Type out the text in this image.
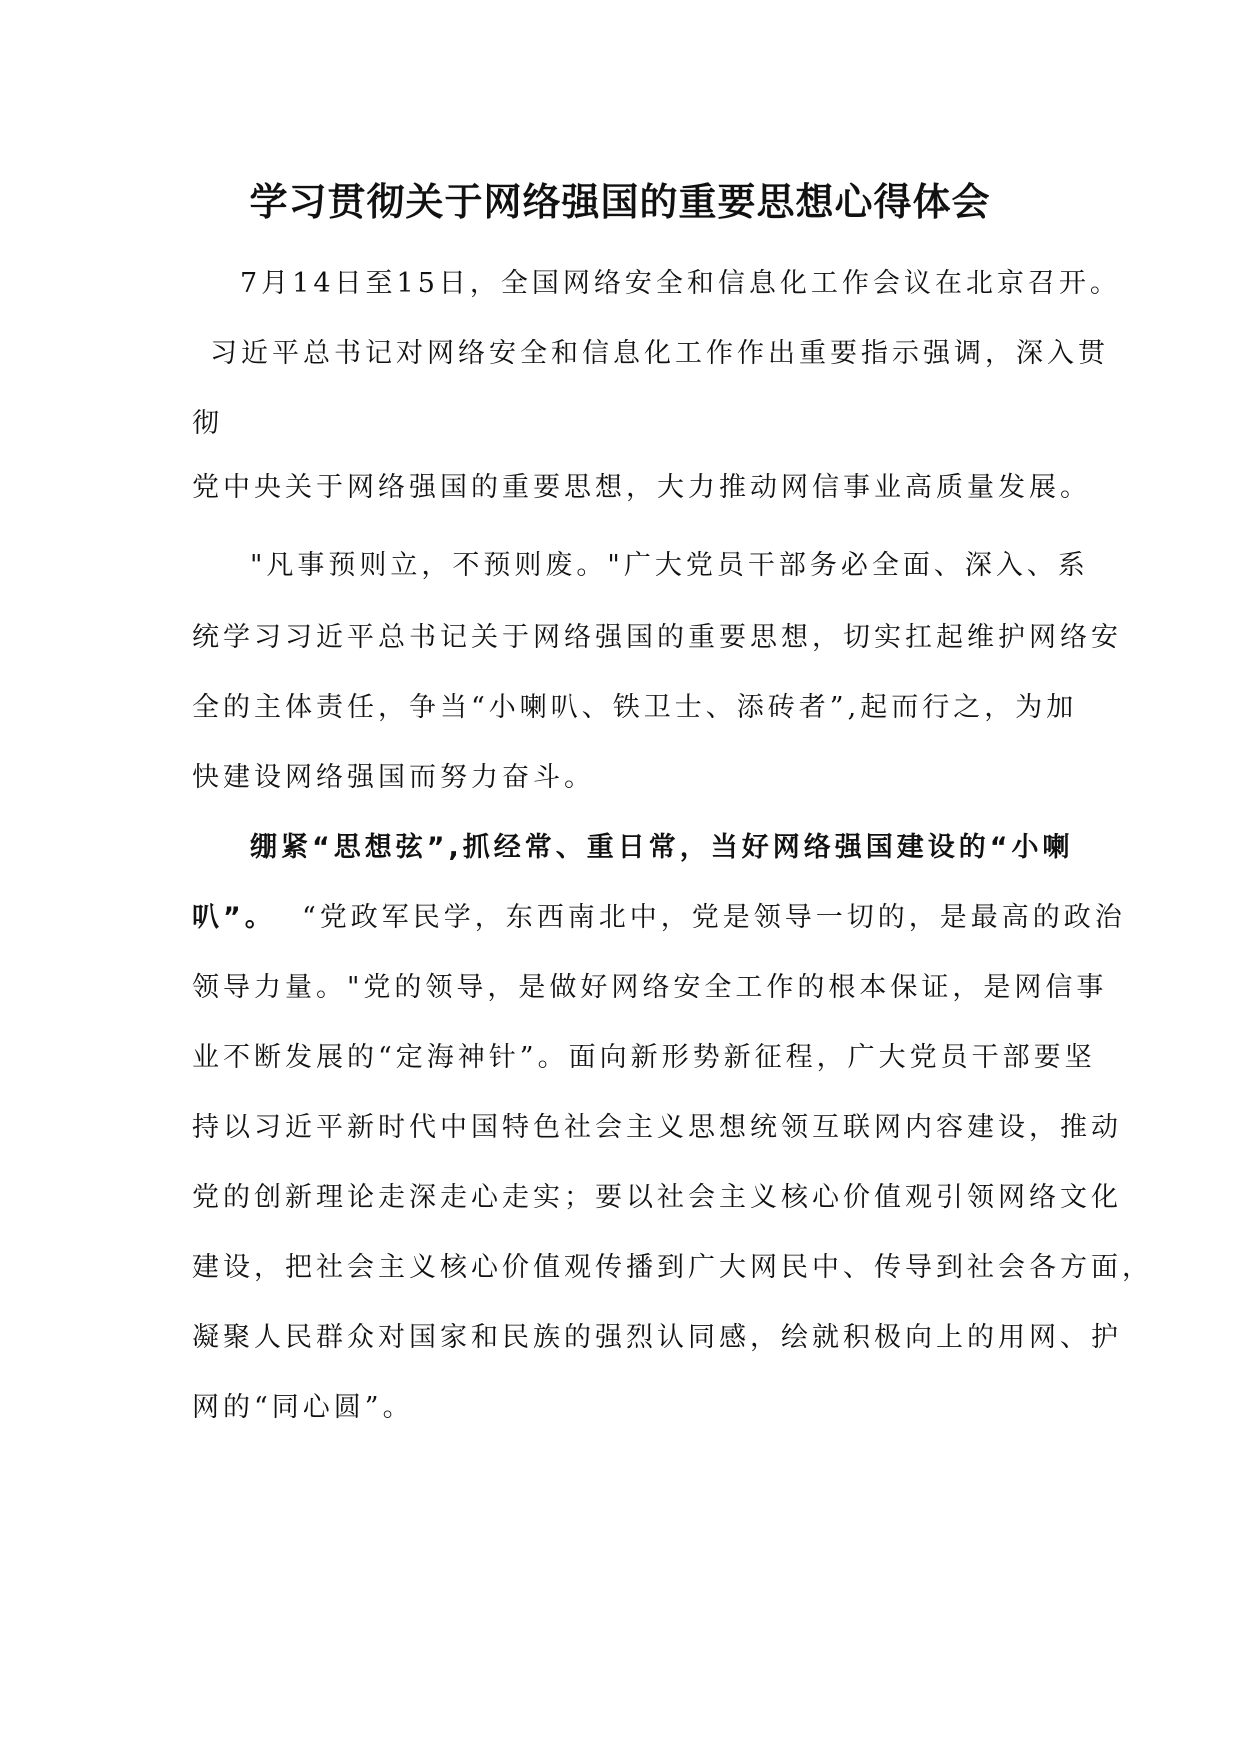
学习贯彻关于网络强国的重要思想心得体会
7月14日至15日，全国网络安全和信息化工作会议在北京召开。
习近平总书记对网络安全和信息化工作作出重要指示强调，深入贯
彻
党中央关于网络强国的重要思想，大力推动网信事业高质量发展。
"凡事预则立，不预则废。"广大党员干部务必全面、深入、系
统学习习近平总书记关于网络强国的重要思想，切实扛起维护网络安
全的主体责任，争当“小喇叭、铁卫士、添砖者”,起而行之，为加
快建设网络强国而努力奋斗。
绷紧“思想弦”,抓经常、重日常，当好网络强国建设的“小喇
叭”。 “党政军民学，东西南北中，党是领导一切的，是最高的政治
领导力量。"党的领导，是做好网络安全工作的根本保证，是网信事
业不断发展的“定海神针”。面向新形势新征程，广大党员干部要坚
持以习近平新时代中国特色社会主义思想统领互联网内容建设，推动
党的创新理论走深走心走实；要以社会主义核心价值观引领网络文化
建设，把社会主义核心价值观传播到广大网民中、传导到社会各方面，
凝聚人民群众对国家和民族的强烈认同感，绘就积极向上的用网、护
网的“同心圆”。
